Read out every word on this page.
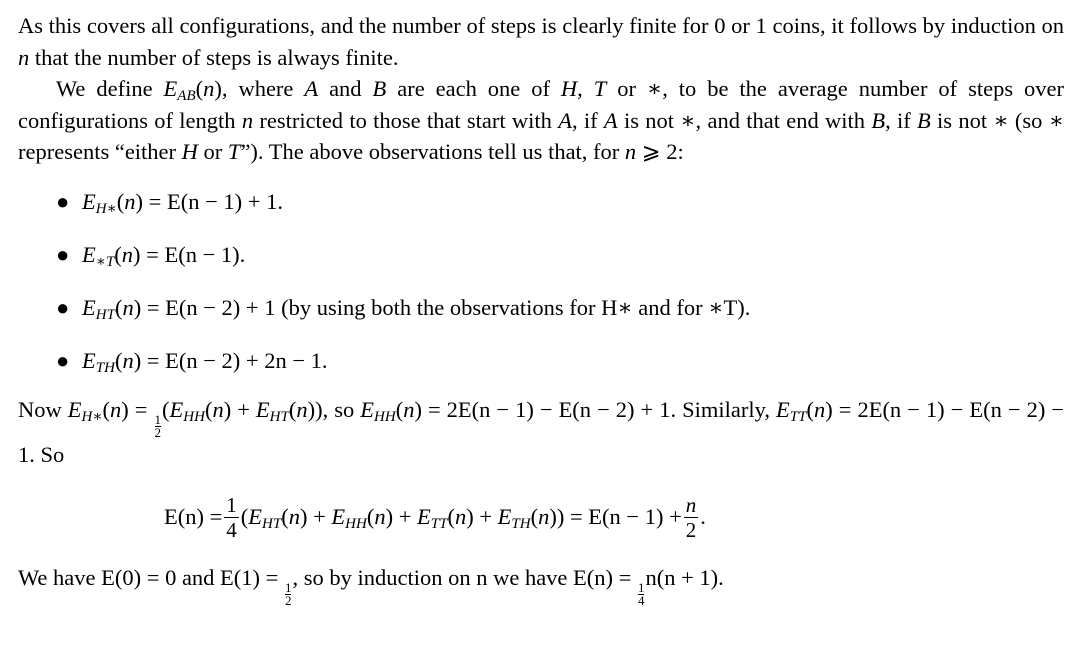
As this covers all configurations, and the number of steps is clearly finite for 0 or 1 coins, it follows by induction on n that the number of steps is always finite.

We define $E_{AB}(n)$, where A and B are each one of H, T or ∗, to be the average number of steps over configurations of length n restricted to those that start with A, if A is not ∗, and that end with B, if B is not ∗ (so ∗ represents “either H or T”). The above observations tell us that, for n ⩾ 2:

● $E_{H∗}(n) = E(n - 1) + 1$.
● $E_{∗T}(n) = E(n - 1)$.
● $E_{HT}(n) = E(n - 2) + 1$ (by using both the observations for H∗ and for ∗T).
● $E_{TH}(n) = E(n - 2) + 2n - 1$.

Now $E_{H∗}(n)$ =
$\frac{1}{2}$
$(E_{HH}(n) + E_{HT}(n))$, so $E_{HH}(n) = 2E(n - 1) - E(n - 2) + 1$. Similarly, $E_{TT}(n) = 2E(n - 1) - E(n - 2) - 1$. So

$E(n) = \frac{1}{4} (E_{HT}(n) + E_{HH}(n) + E_{TT}(n) + E_{TH}(n)) = E(n - 1) + \frac{n}{2}$ .

We have E(0) = 0 and E(1) =
$\frac{1}{2}$
, so by induction on n we have E(n) =
$\frac{1}{4}$
n(n + 1).
